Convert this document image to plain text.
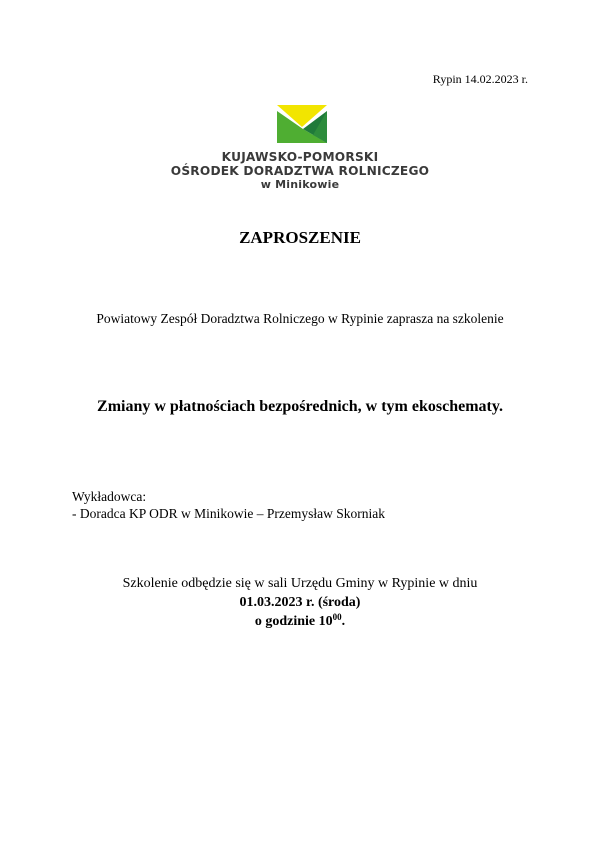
Rypin 14.02.2023 r.
KUJAWSKO-POMORSKI
OŚRODEK DORADZTWA ROLNICZEGO
w Minikowie
ZAPROSZENIE
Powiatowy Zespół Doradztwa Rolniczego w Rypinie zaprasza na szkolenie
Zmiany w płatnościach bezpośrednich, w tym ekoschematy.
Wykładowca:
- Doradca KP ODR w Minikowie – Przemysław Skorniak
Szkolenie odbędzie się w sali Urzędu Gminy w Rypinie w dniu
01.03.2023 r. (środa)
o godzinie $10^{00}$.
